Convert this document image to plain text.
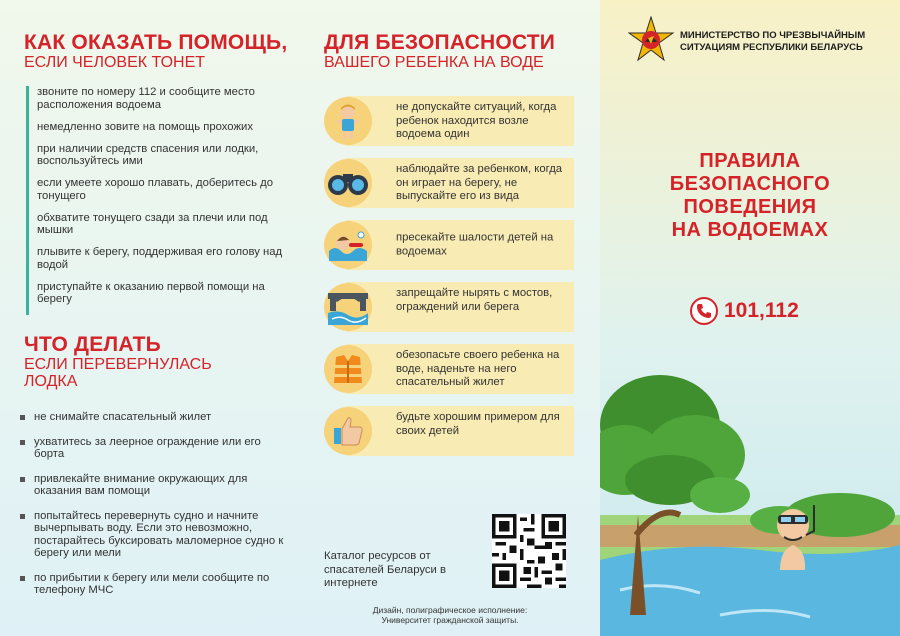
КАК ОКАЗАТЬ ПОМОЩЬ,
ЕСЛИ ЧЕЛОВЕК ТОНЕТ
звоните по номеру 112 и сообщите место расположения водоема
немедленно зовите на помощь прохожих
при наличии средств спасения или лодки, воспользуйтесь ими
если умеете хорошо плавать, доберитесь до тонущего
обхватите тонущего сзади за плечи или под мышки
плывите к берегу, поддерживая его голову над водой
приступайте к оказанию первой помощи на берегу
ЧТО ДЕЛАТЬ
ЕСЛИ ПЕРЕВЕРНУЛАСЬ
ЛОДКА
не снимайте спасательный жилет
ухватитесь за леерное ограждение или его борта
привлекайте внимание окружающих для оказания вам помощи
попытайтесь перевернуть судно и начните вычерпывать воду. Если это невозможно, постарайтесь буксировать маломерное судно к берегу или мели
по прибытии к берегу или мели сообщите по телефону МЧС
ДЛЯ БЕЗОПАСНОСТИ
ВАШЕГО РЕБЕНКА НА ВОДЕ
не допускайте ситуаций, когда ребенок находится возле водоема один
наблюдайте за ребенком, когда он играет на берегу, не выпускайте его из вида
пресекайте шалости детей на водоемах
запрещайте нырять с мостов, ограждений или берега
обезопасьте своего ребенка на воде, наденьте на него спасательный жилет
будьте хорошим примером для своих детей
Каталог ресурсов от спасателей Беларуси в интернете
Дизайн, полиграфическое исполнение:
Университет гражданской защиты.
МИНИСТЕРСТВО ПО ЧРЕЗВЫЧАЙНЫМ
СИТУАЦИЯМ РЕСПУБЛИКИ БЕЛАРУСЬ
ПРАВИЛА
БЕЗОПАСНОГО
ПОВЕДЕНИЯ
НА ВОДОЕМАХ
101,112
